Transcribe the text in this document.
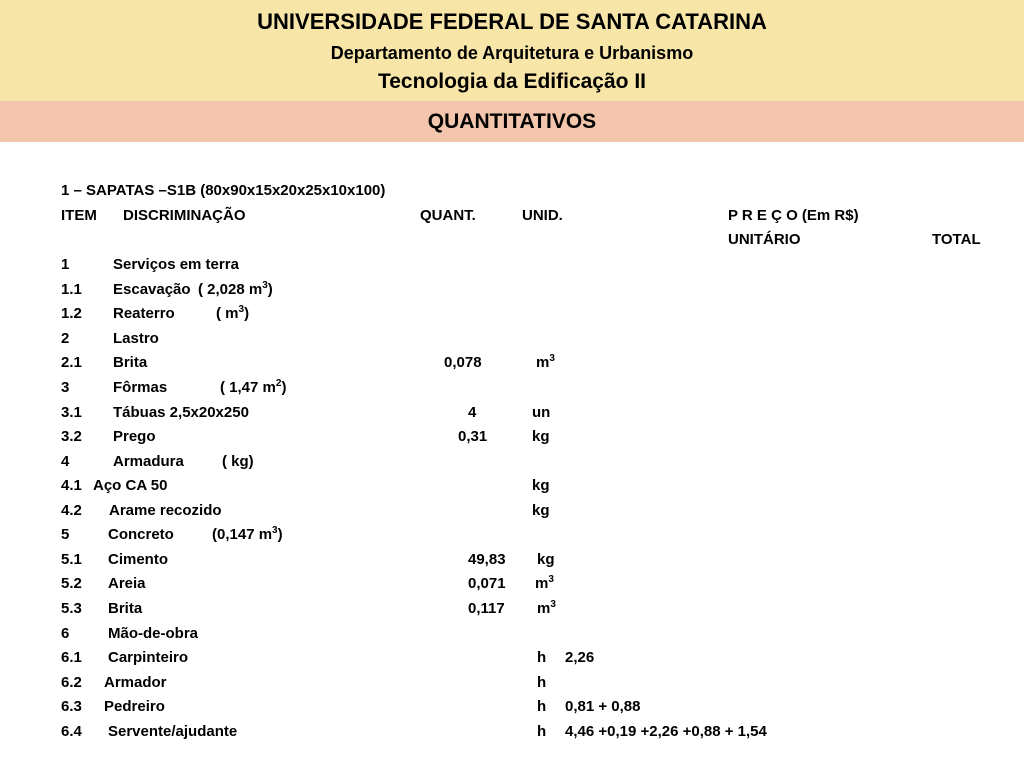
UNIVERSIDADE FEDERAL DE SANTA CATARINA
Departamento de Arquitetura e Urbanismo
Tecnologia da Edificação II
QUANTITATIVOS
1 – SAPATAS –S1B (80x90x15x20x25x10x100)
ITEM DISCRIMINAÇÃO	QUANT.	UNID.	P R E Ç O (Em R$)
UNITÁRIO	TOTAL
1	Serviços em terra
1.1 Escavação ( 2,028 $m^3$)
1.2 Reaterro	( $m^3$)
2	Lastro
2.1 Brita	0,078	$m^3$
3	Fôrmas	( 1,47 $m^2$)
3.1 Tábuas 2,5x20x250	4	un
3.2 Prego	0,31	kg
4	Armadura	( kg)
4.1 Aço CA 50	kg
4.2 Arame recozido	kg
5	Concreto	(0,147 $m^3$)
5.1 Cimento	49,83 kg
5.2 Areia	0,071 $m^3$
5.3 Brita	0,117 $m^3$
6	Mão-de-obra
6.1 Carpinteiro	h 2,26
6.2 Armador	h
6.3 Pedreiro	h 0,81 + 0,88
6.4 Servente/ajudante	h 4,46 +0,19 +2,26 +0,88 + 1,54
